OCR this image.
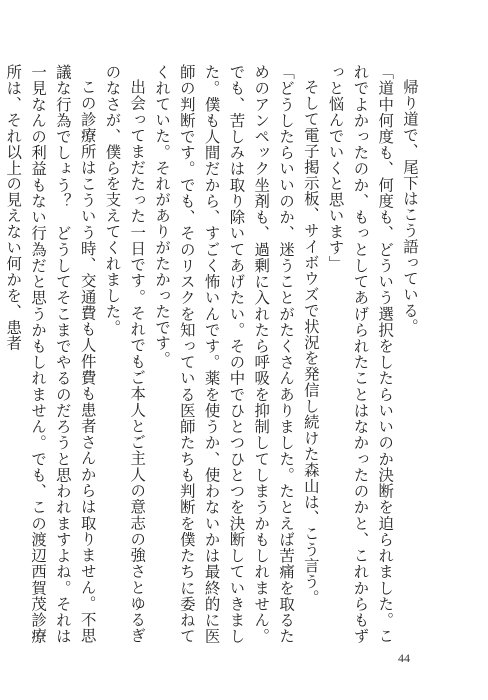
帰り道で、尾下はこう語っている。

「道中何度も、何度も、どういう選択をしたらいいのか決断を迫られました。これでよかったのか、もっとしてあげられたことはなかったのかと、これからもずっと悩んでいくと思います」

そして電子掲示板、サイボウズで状況を発信し続けた森山は、こう言う。

「どうしたらいいのか、迷うことがたくさんありました。たとえば苦痛を取るためのアンペック坐剤も、過剰に入れたら呼吸を抑制してしまうかもしれません。でも、苦しみは取り除いてあげたい。その中でひとつひとつを決断していきました。僕も人間だから、すごく怖いんです。薬を使うか、使わないかは最終的に医師の判断です。でも、そのリスクを知っている医師たちも判断を僕たちに委ねてくれていた。それがありがたかったです。

出会ってまだたった一日です。それでもご本人とご主人の意志の強さとゆるぎのなさが、僕らを支えてくれました。

この診療所はこういう時、交通費も人件費も患者さんからは取りません。不思議な行為でしょう？　どうしてそこまでやるのだろうと思われますよね。それは一見なんの利益もない行為だと思うかもしれません。でも、この渡辺西賀茂診療所は、それ以上の見えない何かを、患者

44
